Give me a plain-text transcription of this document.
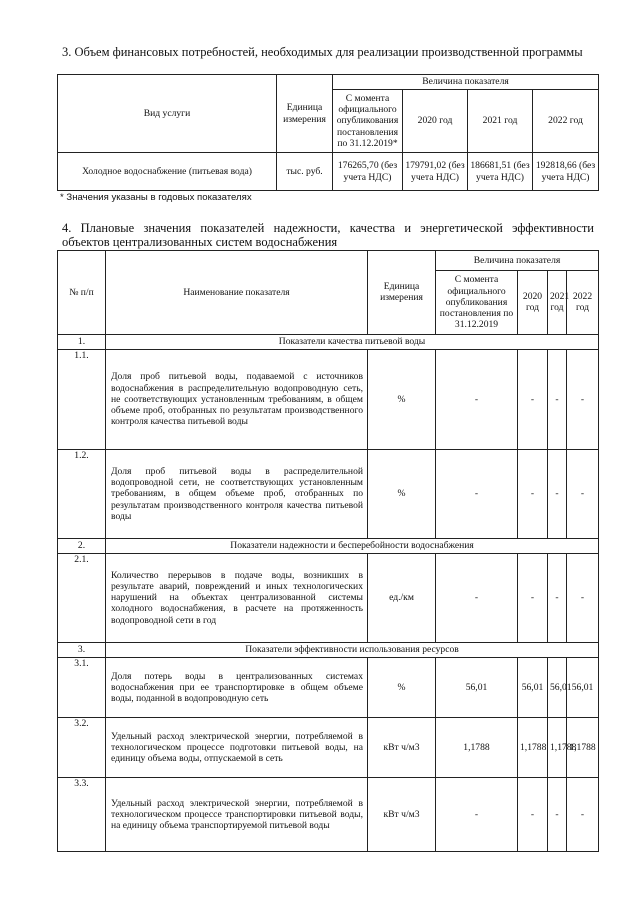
3. Объем финансовых потребностей, необходимых для реализации производственной программы
Вид услуги	Единица измерения	Величина показателя			
		С момента официального опубликования постановления по 31.12.2019*	2020 год	2021 год	2022 год
Холодное водоснабжение (питьевая вода)	тыс. руб.	176265,70 (без учета НДС)	179791,02 (без учета НДС)	186681,51 (без учета НДС)	192818,66 (без учета НДС)
* Значения указаны в годовых показателях
4. Плановые значения показателей надежности, качества и энергетической эффективности объектов централизованных систем водоснабжения
№ п/п	Наименование показателя	Единица измерения	Величина показателя			
			С момента официального опубликования постановления по 31.12.2019	2020 год	2021 год	2022 год
1.	Показатели качества питьевой воды					
1.1.	Доля проб питьевой воды, подаваемой с источников водоснабжения в распределительную водопроводную сеть, не соответствующих установленным требованиям, в общем объеме проб, отобранных по результатам производственного контроля качества питьевой воды	%	-	-	-	-
1.2.	Доля проб питьевой воды в распределительной водопроводной сети, не соответствующих установленным требованиям, в общем объеме проб, отобранных по результатам производственного контроля качества питьевой воды	%	-	-	-	-
2.	Показатели надежности и бесперебойности водоснабжения					
2.1.	Количество перерывов в подаче воды, возникших в результате аварий, повреждений и иных технологических нарушений на объектах централизованной системы холодного водоснабжения, в расчете на протяженность водопроводной сети в год	ед./км	-	-	-	-
3.	Показатели эффективности использования ресурсов					
3.1.	Доля потерь воды в централизованных системах водоснабжения при ее транспортировке в общем объеме воды, поданной в водопроводную сеть	%	56,01	56,01	56,01	56,01
3.2.	Удельный расход электрической энергии, потребляемой в технологическом процессе подготовки питьевой воды, на единицу объема воды, отпускаемой в сеть	кВт ч/м3	1,1788	1,1788	1,1788	1,1788
3.3.	Удельный расход электрической энергии, потребляемой в технологическом процессе транспортировки питьевой воды, на единицу объема транспортируемой питьевой воды	кВт ч/м3	-	-	-	-
